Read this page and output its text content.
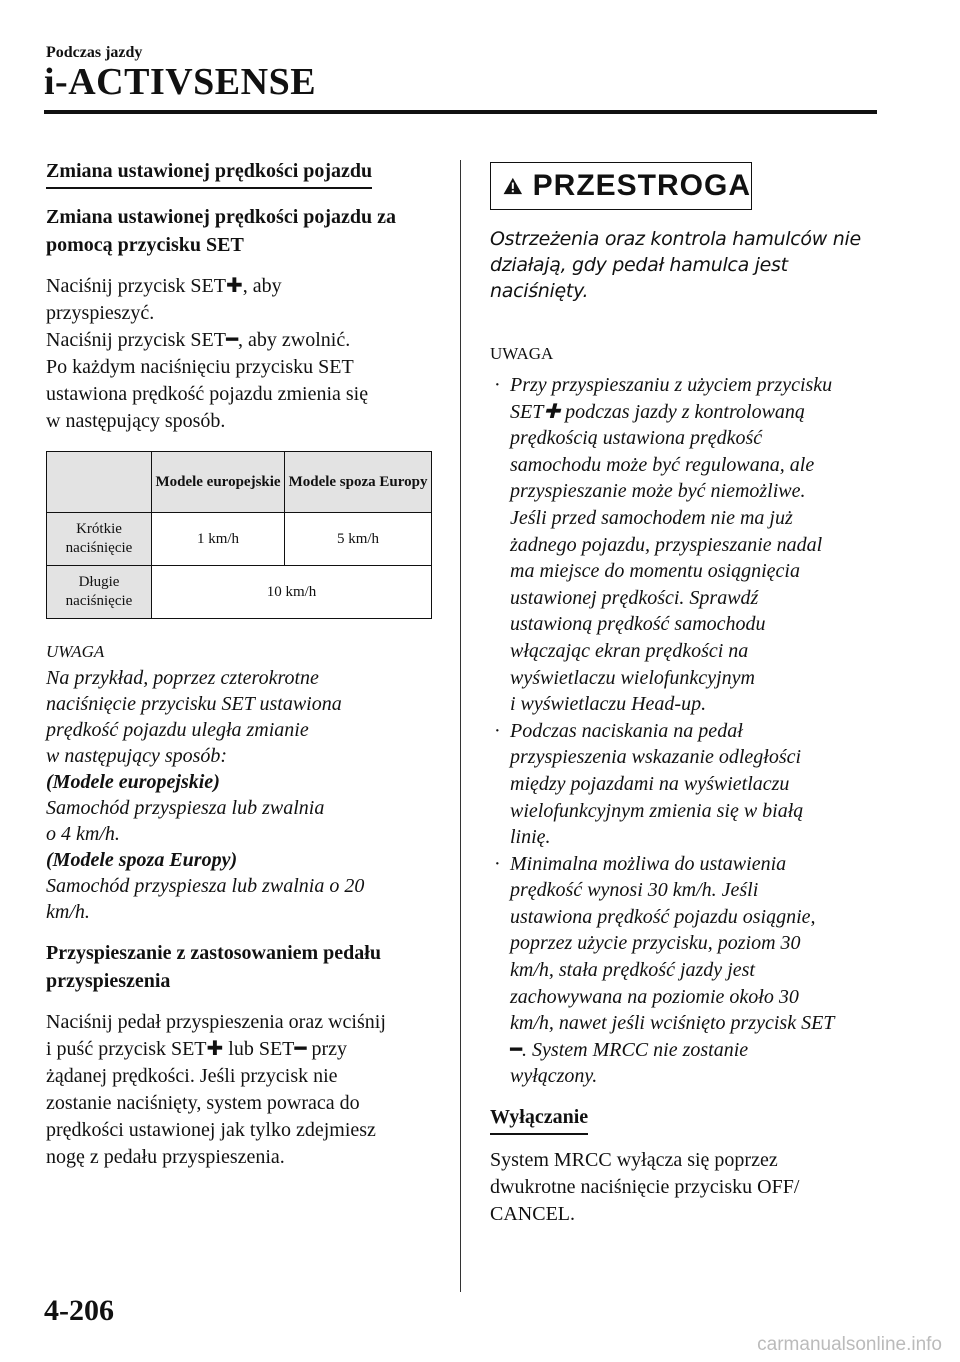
Podczas jazdy
i-ACTIVSENSE
Zmiana ustawionej prędkości pojazdu

Zmiana ustawionej prędkości pojazdu za pomocą przycisku SET

Naciśnij przycisk SET✚, aby

przyspieszyć.

Naciśnij przycisk SET━, aby zwolnić.

Po każdym naciśnięciu przycisku SET

ustawiona prędkość pojazdu zmienia się

w następujący sposób.

	Modele europejskie	Modele spoza Europy
Krótkie naciśnięcie	1 km/h	5 km/h
Długie naciśnięcie	10 km/h	

UWAGA

Na przykład, poprzez czterokrotne

naciśnięcie przycisku SET ustawiona

prędkość pojazdu uległa zmianie

w następujący sposób:

(Modele europejskie)

Samochód przyspiesza lub zwalnia

o 4 km/h.

(Modele spoza Europy)

Samochód przyspiesza lub zwalnia o 20

km/h.

Przyspieszanie z zastosowaniem pedału przyspieszenia

Naciśnij pedał przyspieszenia oraz wciśnij

i puść przycisk SET✚ lub SET━ przy

żądanej prędkości. Jeśli przycisk nie

zostanie naciśnięty, system powraca do

prędkości ustawionej jak tylko zdejmiesz

nogę z pedału przyspieszenia.

PRZESTROGA

Ostrzeżenia oraz kontrola hamulców nie

działają, gdy pedał hamulca jest

naciśnięty.

UWAGA

· Przy przyspieszaniu z użyciem przycisku
SET✚ podczas jazdy z kontrolowaną
prędkością ustawiona prędkość
samochodu może być regulowana, ale
przyspieszanie może być niemożliwe.
Jeśli przed samochodem nie ma już
żadnego pojazdu, przyspieszanie nadal
ma miejsce do momentu osiągnięcia
ustawionej prędkości. Sprawdź
ustawioną prędkość samochodu
włączając ekran prędkości na
wyświetlaczu wielofunkcyjnym
i wyświetlaczu Head-up.
· Podczas naciskania na pedał
przyspieszenia wskazanie odległości
między pojazdami na wyświetlaczu
wielofunkcyjnym zmienia się w białą
linię.
· Minimalna możliwa do ustawienia
prędkość wynosi 30 km/h. Jeśli
ustawiona prędkość pojazdu osiągnie,
poprzez użycie przycisku, poziom 30
km/h, stała prędkość jazdy jest
zachowywana na poziomie około 30
km/h, nawet jeśli wciśnięto przycisk SET
━. System MRCC nie zostanie
wyłączony.
Wyłączanie

System MRCC wyłącza się poprzez

dwukrotne naciśnięcie przycisku OFF/

CANCEL.

4-206
carmanualsonline.info
